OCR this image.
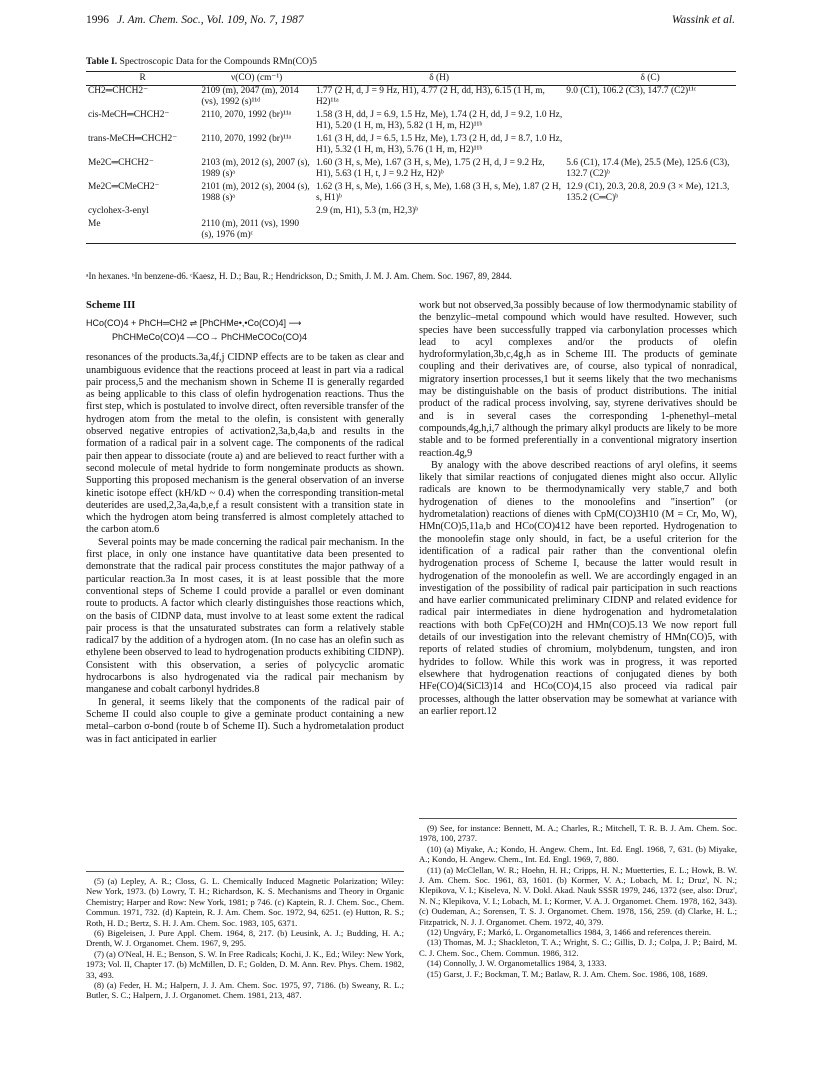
1996 J. Am. Chem. Soc., Vol. 109, No. 7, 1987	Wassink et al.
Table I. Spectroscopic Data for the Compounds RMn(CO)5
R	ν(CO) (cm⁻¹)	δ (H)	δ (C)
CH2═CHCH2⁻	2109 (m), 2047 (m), 2014 (vs), 1992 (s)¹¹ᵈ	1.77 (2 H, d, J = 9 Hz, H1), 4.77 (2 H, dd, H3), 6.15 (1 H, m, H2)¹¹ᵃ	9.0 (C1), 106.2 (C3), 147.7 (C2)¹¹ᶜ
cis-MeCH═CHCH2⁻	2110, 2070, 1992 (br)¹¹ᵃ	1.58 (3 H, dd, J = 6.9, 1.5 Hz, Me), 1.74 (2 H, dd, J = 9.2, 1.0 Hz, H1), 5.20 (1 H, m, H3), 5.82 (1 H, m, H2)¹¹ᵇ	
trans-MeCH═CHCH2⁻	2110, 2070, 1992 (br)¹¹ᵃ	1.61 (3 H, dd, J = 6.5, 1.5 Hz, Me), 1.73 (2 H, dd, J = 8.7, 1.0 Hz, H1), 5.32 (1 H, m, H3), 5.76 (1 H, m, H2)¹¹ᵇ	
Me2C═CHCH2⁻	2103 (m), 2012 (s), 2007 (s), 1989 (s)ᵃ	1.60 (3 H, s, Me), 1.67 (3 H, s, Me), 1.75 (2 H, d, J = 9.2 Hz, H1), 5.63 (1 H, t, J = 9.2 Hz, H2)ᵇ	5.6 (C1), 17.4 (Me), 25.5 (Me), 125.6 (C3), 132.7 (C2)ᵇ
Me2C═CMeCH2⁻	2101 (m), 2012 (s), 2004 (s), 1988 (s)ᵃ	1.62 (3 H, s, Me), 1.66 (3 H, s, Me), 1.68 (3 H, s, Me), 1.87 (2 H, s, H1)ᵇ	12.9 (C1), 20.3, 20.8, 20.9 (3 × Me), 121.3, 135.2 (C═C)ᵇ
cyclohex-3-enyl		2.9 (m, H1), 5.3 (m, H2,3)ᵇ	
Me	2110 (m), 2011 (vs), 1990 (s), 1976 (m)ᶜ		
ᵃIn hexanes. ᵇIn benzene-d6. ᶜKaesz, H. D.; Bau, R.; Hendrickson, D.; Smith, J. M. J. Am. Chem. Soc. 1967, 89, 2844.
Scheme III
HCo(CO)4 + PhCH═CH2 ⇌ [PhCHMe•,•Co(CO)4] ⟶
PhCHMeCo(CO)4 —CO→ PhCHMeCOCo(CO)4

resonances of the products.3a,4f,j CIDNP effects are to be taken as clear and unambiguous evidence that the reactions proceed at least in part via a radical pair process,5 and the mechanism shown in Scheme II is generally regarded as being applicable to this class of olefin hydrogenation reactions. Thus the first step, which is postulated to involve direct, often reversible transfer of the hydrogen atom from the metal to the olefin, is consistent with generally observed negative entropies of activation2,3a,b,4a,b and results in the formation of a radical pair in a solvent cage. The components of the radical pair then appear to dissociate (route a) and are believed to react further with a second molecule of metal hydride to form nongeminate products as shown. Supporting this proposed mechanism is the general observation of an inverse kinetic isotope effect (kH/kD ~ 0.4) when the corresponding transition-metal deuterides are used,2,3a,4a,b,e,f a result consistent with a transition state in which the hydrogen atom being transferred is almost completely attached to the carbon atom.6

Several points may be made concerning the radical pair mechanism. In the first place, in only one instance have quantitative data been presented to demonstrate that the radical pair process constitutes the major pathway of a particular reaction.3a In most cases, it is at least possible that the more conventional steps of Scheme I could provide a parallel or even dominant route to products. A factor which clearly distinguishes those reactions which, on the basis of CIDNP data, must involve to at least some extent the radical pair process is that the unsaturated substrates can form a relatively stable radical7 by the addition of a hydrogen atom. (In no case has an olefin such as ethylene been observed to lead to hydrogenation products exhibiting CIDNP). Consistent with this observation, a series of polycyclic aromatic hydrocarbons is also hydrogenated via the radical pair mechanism by manganese and cobalt carbonyl hydrides.8

In general, it seems likely that the components of the radical pair of Scheme II could also couple to give a geminate product containing a new metal–carbon σ-bond (route b of Scheme II). Such a hydrometalation product was in fact anticipated in earlier

work but not observed,3a possibly because of low thermodynamic stability of the benzylic–metal compound which would have resulted. However, such species have been successfully trapped via carbonylation processes which lead to acyl complexes and/or the products of olefin hydroformylation,3b,c,4g,h as in Scheme III. The products of geminate coupling and their derivatives are, of course, also typical of nonradical, migratory insertion processes,1 but it seems likely that the two mechanisms may be distinguishable on the basis of product distributions. The initial product of the radical process involving, say, styrene derivatives should be and is in several cases the corresponding 1-phenethyl–metal compounds,4g,h,i,7 although the primary alkyl products are likely to be more stable and to be formed preferentially in a conventional migratory insertion reaction.4g,9

By analogy with the above described reactions of aryl olefins, it seems likely that similar reactions of conjugated dienes might also occur. Allylic radicals are known to be thermodynamically very stable,7 and both hydrogenation of dienes to the monoolefins and "insertion" (or hydrometalation) reactions of dienes with CpM(CO)3H10 (M = Cr, Mo, W), HMn(CO)5,11a,b and HCo(CO)412 have been reported. Hydrogenation to the monoolefin stage only should, in fact, be a useful criterion for the identification of a radical pair rather than the conventional olefin hydrogenation process of Scheme I, because the latter would result in hydrogenation of the monoolefin as well. We are accordingly engaged in an investigation of the possibility of radical pair participation in such reactions and have earlier communicated preliminary CIDNP and related evidence for radical pair intermediates in diene hydrogenation and hydrometalation reactions with both CpFe(CO)2H and HMn(CO)5.13 We now report full details of our investigation into the relevant chemistry of HMn(CO)5, with reports of related studies of chromium, molybdenum, tungsten, and iron hydrides to follow. While this work was in progress, it was reported elsewhere that hydrogenation reactions of conjugated dienes by both HFe(CO)4(SiCl3)14 and HCo(CO)4,15 also proceed via radical pair processes, although the latter observation may be somewhat at variance with an earlier report.12

(5) (a) Lepley, A. R.; Closs, G. L. Chemically Induced Magnetic Polarization; Wiley: New York, 1973. (b) Lowry, T. H.; Richardson, K. S. Mechanisms and Theory in Organic Chemistry; Harper and Row: New York, 1981; p 746. (c) Kaptein, R. J. Chem. Soc., Chem. Commun. 1971, 732. (d) Kaptein, R. J. Am. Chem. Soc. 1972, 94, 6251. (e) Hutton, R. S.; Roth, H. D.; Bertz, S. H. J. Am. Chem. Soc. 1983, 105, 6371.

(6) Bigeleisen, J. Pure Appl. Chem. 1964, 8, 217. (b) Leusink, A. J.; Budding, H. A.; Drenth, W. J. Organomet. Chem. 1967, 9, 295.

(7) (a) O'Neal, H. E.; Benson, S. W. In Free Radicals; Kochi, J. K., Ed.; Wiley: New York, 1973; Vol. II, Chapter 17. (b) McMillen, D. F.; Golden, D. M. Ann. Rev. Phys. Chem. 1982, 33, 493.

(8) (a) Feder, H. M.; Halpern, J. J. Am. Chem. Soc. 1975, 97, 7186. (b) Sweany, R. L.; Butler, S. C.; Halpern, J. J. Organomet. Chem. 1981, 213, 487.

(9) See, for instance: Bennett, M. A.; Charles, R.; Mitchell, T. R. B. J. Am. Chem. Soc. 1978, 100, 2737.

(10) (a) Miyake, A.; Kondo, H. Angew. Chem., Int. Ed. Engl. 1968, 7, 631. (b) Miyake, A.; Kondo, H. Angew. Chem., Int. Ed. Engl. 1969, 7, 880.

(11) (a) McClellan, W. R.; Hoehn, H. H.; Cripps, H. N.; Muetterties, E. L.; Howk, B. W. J. Am. Chem. Soc. 1961, 83, 1601. (b) Kormer, V. A.; Lobach, M. I.; Druz', N. N.; Klepikova, V. I.; Kiseleva, N. V. Dokl. Akad. Nauk SSSR 1979, 246, 1372 (see, also: Druz', N. N.; Klepikova, V. I.; Lobach, M. I.; Kormer, V. A. J. Organomet. Chem. 1978, 162, 343). (c) Oudeman, A.; Sorensen, T. S. J. Organomet. Chem. 1978, 156, 259. (d) Clarke, H. L.; Fitzpatrick, N. J. J. Organomet. Chem. 1972, 40, 379.

(12) Ungváry, F.; Markó, L. Organometallics 1984, 3, 1466 and references therein.

(13) Thomas, M. J.; Shackleton, T. A.; Wright, S. C.; Gillis, D. J.; Colpa, J. P.; Baird, M. C. J. Chem. Soc., Chem. Commun. 1986, 312.

(14) Connolly, J. W. Organometallics 1984, 3, 1333.

(15) Garst, J. F.; Bockman, T. M.; Batlaw, R. J. Am. Chem. Soc. 1986, 108, 1689.
